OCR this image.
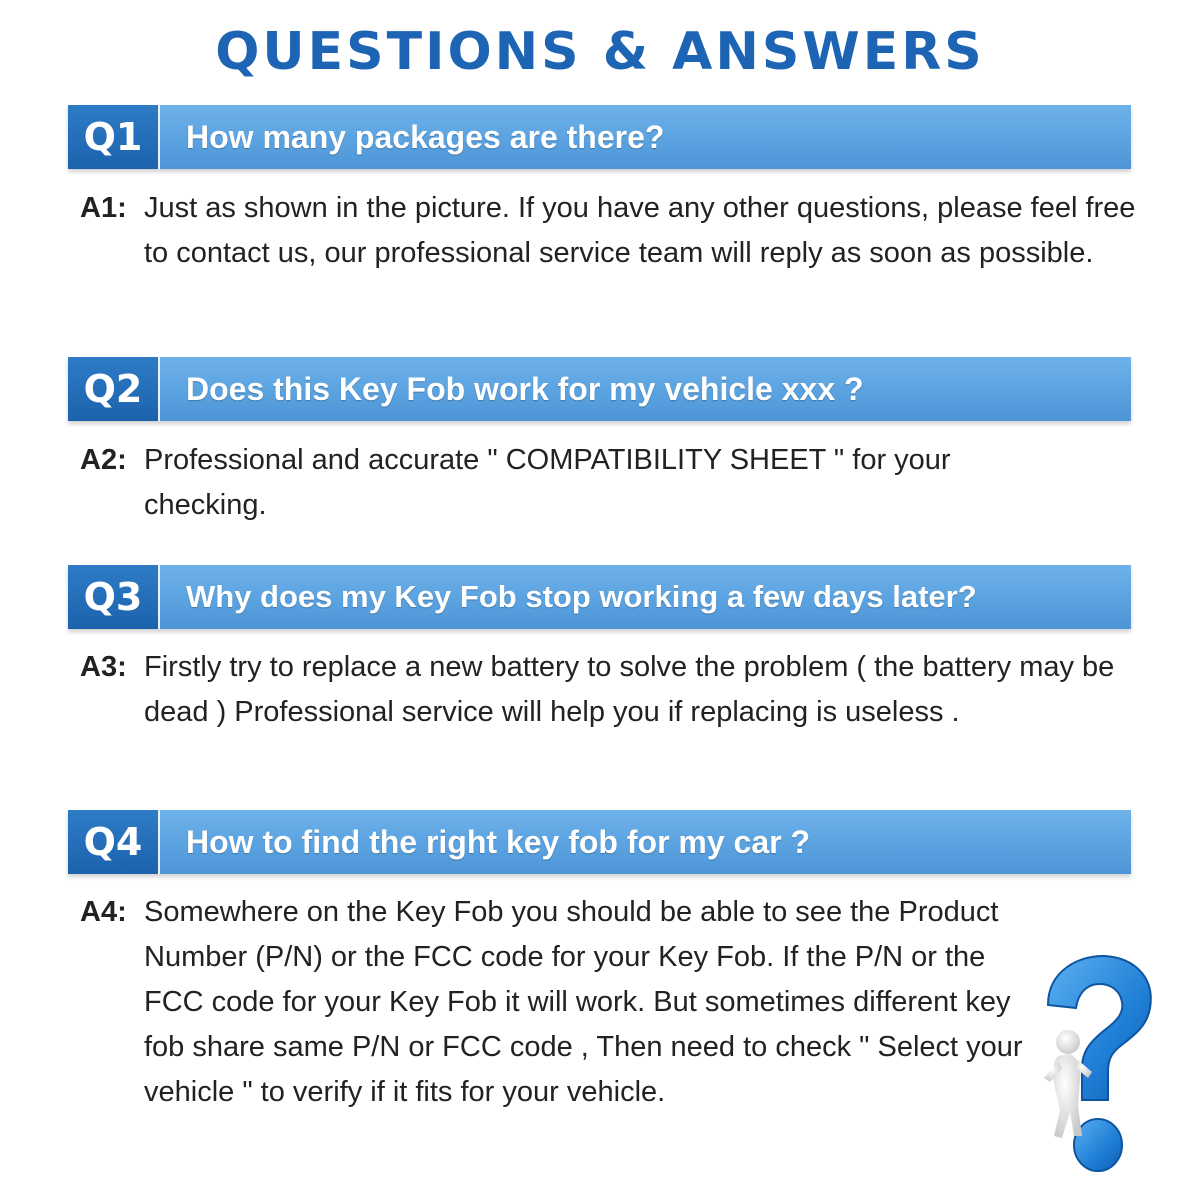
QUESTIONS & ANSWERS
Q1	How many packages are there?
A1: Just as shown in the picture. If you have any other questions, please feel free to contact us, our professional service team will reply as soon as possible.
Q2	Does this Key Fob work for my vehicle xxx ?
A2: Professional and accurate " COMPATIBILITY SHEET " for your checking.
Q3	Why does my Key Fob stop working a few days later?
A3: Firstly try to replace a new battery to solve the problem ( the battery may be dead ) Professional service will help you if replacing is useless .
Q4	How to find the right key fob for my car ?
A4: Somewhere on the Key Fob you should be able to see the Product Number (P/N) or the FCC code for your Key Fob. If the P/N or the FCC code for your Key Fob it will work. But sometimes different key fob share same P/N or FCC code , Then need to check " Select your vehicle " to verify if it fits for your vehicle.
